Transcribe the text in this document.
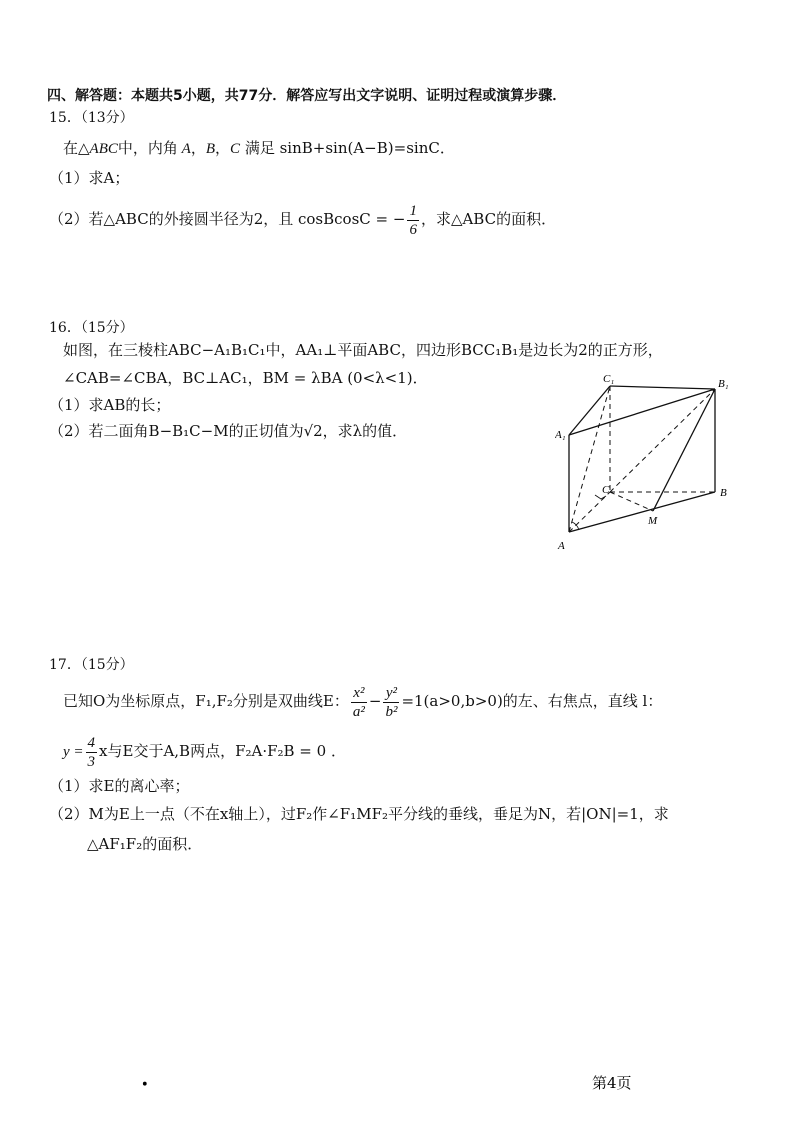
四、解答题：本题共5小题，共77分．解答应写出文字说明、证明过程或演算步骤．
15．（13分）
在△ABC中，内角 A，B，C 满足 sinB+sin(A−B)=sinC．
（1）求A；
（2）若△ABC的外接圆半径为2，且 cosBcosC = − $\frac{1}{6}$ ，求△ABC的面积．
16．（15分）
如图，在三棱柱ABC−A₁B₁C₁中，AA₁⊥平面ABC，四边形BCC₁B₁是边长为2的正方形，
∠CAB=∠CBA，BC⊥AC₁，BM = λBA (0<λ<1)．
（1）求AB的长；
（2）若二面角B−B₁C−M的正切值为√2，求λ的值．
C₁	B₁
A₁
C	B
M
A
17．（15分）
已知O为坐标原点，F₁,F₂分别是双曲线E： $\frac{\text{x²}}{\text{a²}} - \frac{\text{y²}}{\text{b²}} =1(a>0,b>0)$的左、右焦点，直线 l：
$y = \frac{4}{3}$ x与E交于A,B两点，F₂A·F₂B = 0 ．
（1）求E的离心率；
（2）M为E上一点（不在x轴上），过F₂作∠F₁MF₂平分线的垂线，垂足为N，若|ON|=1，求
△AF₁F₂的面积．
ꞏ	第4页
